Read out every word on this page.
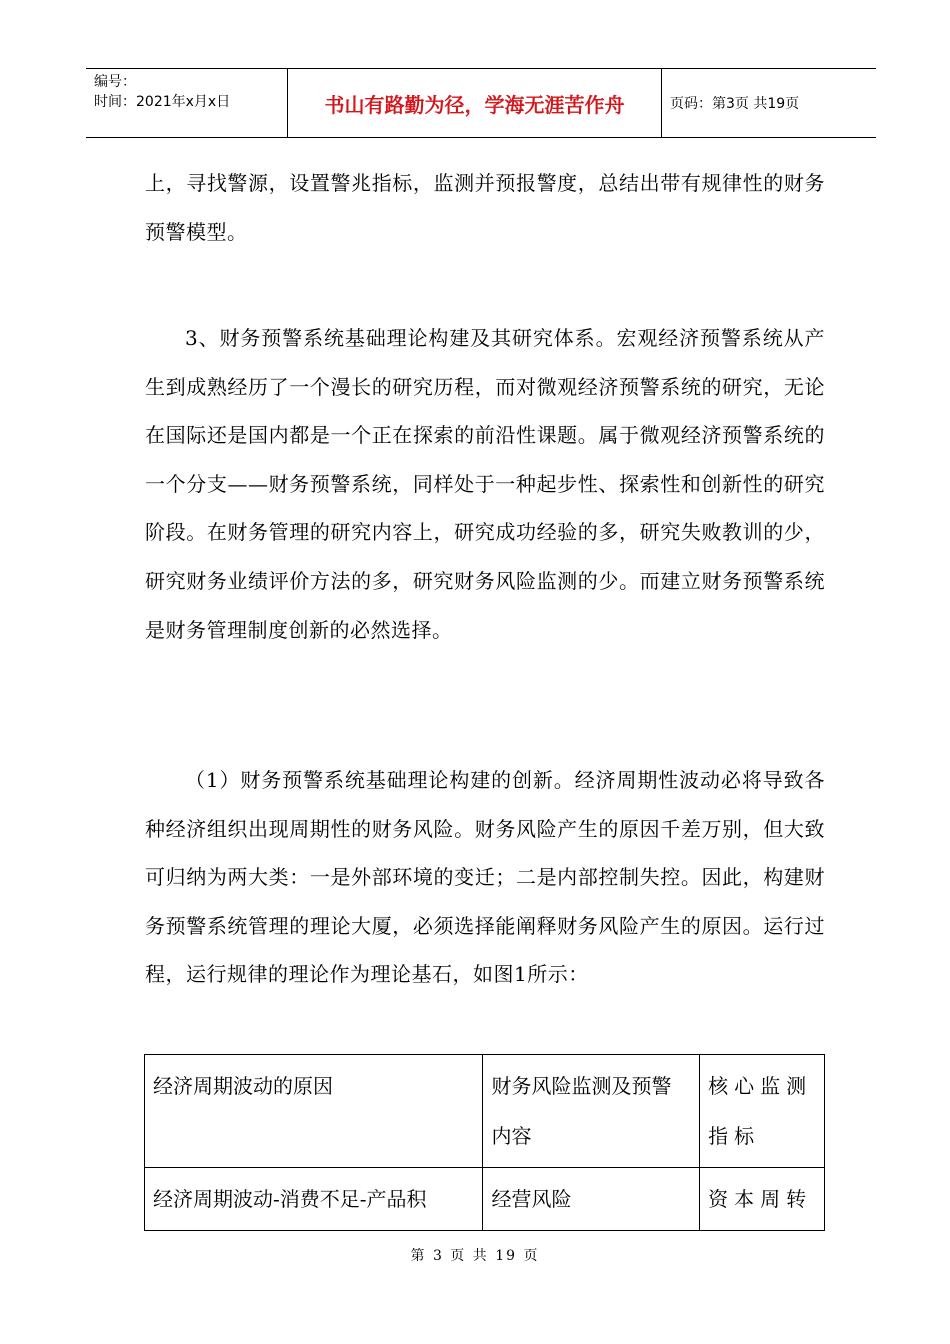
编号：
时间：2021年x月x日	书山有路勤为径，学海无涯苦作舟	页码：第3页 共19页
上，寻找警源，设置警兆指标，监测并预报警度，总结出带有规律性的财务预警模型。
3、财务预警系统基础理论构建及其研究体系。宏观经济预警系统从产生到成熟经历了一个漫长的研究历程，而对微观经济预警系统的研究，无论在国际还是国内都是一个正在探索的前沿性课题。属于微观经济预警系统的一个分支——财务预警系统，同样处于一种起步性、探索性和创新性的研究阶段。在财务管理的研究内容上，研究成功经验的多，研究失败教训的少，研究财务业绩评价方法的多，研究财务风险监测的少。而建立财务预警系统是财务管理制度创新的必然选择。
（1）财务预警系统基础理论构建的创新。经济周期性波动必将导致各种经济组织出现周期性的财务风险。财务风险产生的原因千差万别，但大致可归纳为两大类：一是外部环境的变迁；二是内部控制失控。因此，构建财务预警系统管理的理论大厦，必须选择能阐释财务风险产生的原因。运行过程，运行规律的理论作为理论基石，如图1所示：
经济周期波动的原因	财务风险监测及预警内容	核心监测指标
经济周期波动-消费不足-产品积	经营风险	资本周转
第 3 页 共 19 页
